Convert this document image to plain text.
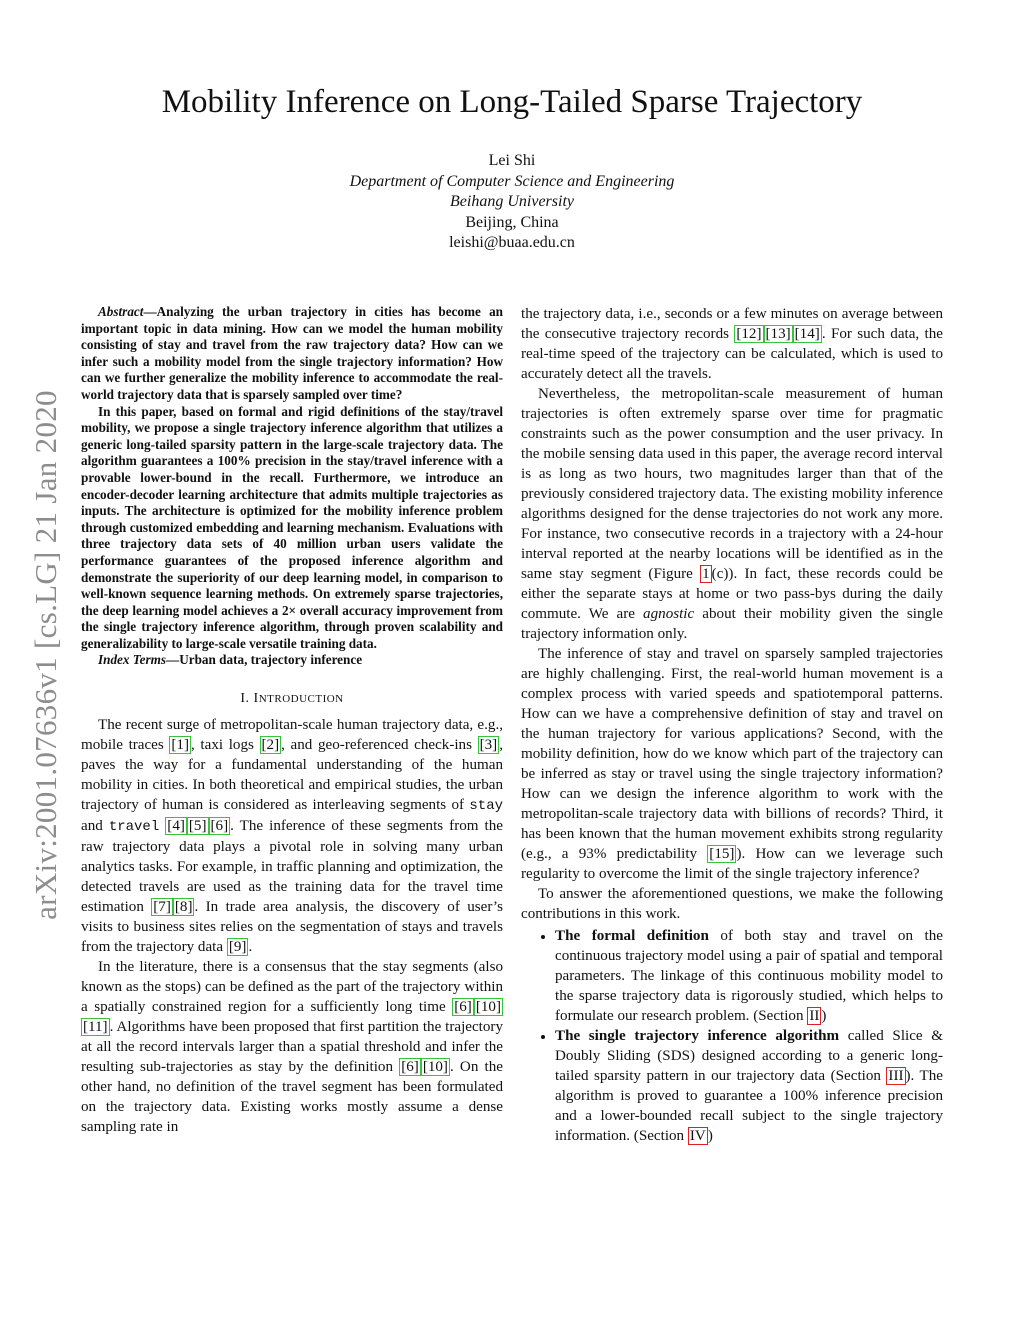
arXiv:2001.07636v1 [cs.LG] 21 Jan 2020
Mobility Inference on Long-Tailed Sparse Trajectory
Lei Shi
Department of Computer Science and Engineering
Beihang University
Beijing, China
leishi@buaa.edu.cn

Abstract—Analyzing the urban trajectory in cities has become an important topic in data mining. How can we model the human mobility consisting of stay and travel from the raw trajectory data? How can we infer such a mobility model from the single trajectory information? How can we further generalize the mobility inference to accommodate the real-world trajectory data that is sparsely sampled over time?

In this paper, based on formal and rigid definitions of the stay/travel mobility, we propose a single trajectory inference algorithm that utilizes a generic long-tailed sparsity pattern in the large-scale trajectory data. The algorithm guarantees a 100% precision in the stay/travel inference with a provable lower-bound in the recall. Furthermore, we introduce an encoder-decoder learning architecture that admits multiple trajectories as inputs. The architecture is optimized for the mobility inference problem through customized embedding and learning mechanism. Evaluations with three trajectory data sets of 40 million urban users validate the performance guarantees of the proposed inference algorithm and demonstrate the superiority of our deep learning model, in comparison to well-known sequence learning methods. On extremely sparse trajectories, the deep learning model achieves a 2× overall accuracy improvement from the single trajectory inference algorithm, through proven scalability and generalizability to large-scale versatile training data.

Index Terms—Urban data, trajectory inference

I. INTRODUCTION

The recent surge of metropolitan-scale human trajectory data, e.g., mobile traces [1] , taxi logs [2] , and geo-referenced check-ins [3] , paves the way for a fundamental understanding of the human mobility in cities. In both theoretical and empirical studies, the urban trajectory of human is considered as interleaving segments of stay and travel [4] [5] [6] . The inference of these segments from the raw trajectory data plays a pivotal role in solving many urban analytics tasks. For example, in traffic planning and optimization, the detected travels are used as the training data for the travel time estimation [7] [8] . In trade area analysis, the discovery of user’s visits to business sites relies on the segmentation of stays and travels from the trajectory data [9] .

In the literature, there is a consensus that the stay segments (also known as the stops) can be defined as the part of the trajectory within a spatially constrained region for a sufficiently long time [6] [10][11] . Algorithms have been proposed that first partition the trajectory at all the record intervals larger than a spatial threshold and infer the resulting sub-trajectories as stay by the definition [6] [10] . On the other hand, no definition of the travel segment has been formulated on the trajectory data. Existing works mostly assume a dense sampling rate in

the trajectory data, i.e., seconds or a few minutes on average between the consecutive trajectory records [12] [13] [14] . For such data, the real-time speed of the trajectory can be calculated, which is used to accurately detect all the travels.

Nevertheless, the metropolitan-scale measurement of human trajectories is often extremely sparse over time for pragmatic constraints such as the power consumption and the user privacy. In the mobile sensing data used in this paper, the average record interval is as long as two hours, two magnitudes larger than that of the previously considered trajectory data. The existing mobility inference algorithms designed for the dense trajectories do not work any more. For instance, two consecutive records in a trajectory with a 24-hour interval reported at the nearby locations will be identified as in the same stay segment (Figure 1 (c)). In fact, these records could be either the separate stays at home or two pass-bys during the daily commute. We are agnostic about their mobility given the single trajectory information only.

The inference of stay and travel on sparsely sampled trajectories are highly challenging. First, the real-world human movement is a complex process with varied speeds and spatiotemporal patterns. How can we have a comprehensive definition of stay and travel on the human trajectory for various applications? Second, with the mobility definition, how do we know which part of the trajectory can be inferred as stay or travel using the single trajectory information? How can we design the inference algorithm to work with the metropolitan-scale trajectory data with billions of records? Third, it has been known that the human movement exhibits strong regularity (e.g., a 93% predictability [15] ). How can we leverage such regularity to overcome the limit of the single trajectory inference?

To answer the aforementioned questions, we make the following contributions in this work.

• The formal definition of both stay and travel on the continuous trajectory model using a pair of spatial and temporal parameters. The linkage of this continuous mobility model to the sparse trajectory data is rigorously studied, which helps to formulate our research problem. (Section II )
• The single trajectory inference algorithm called Slice & Doubly Sliding (SDS) designed according to a generic long-tailed sparsity pattern in our trajectory data (Section III ). The algorithm is proved to guarantee a 100% inference precision and a lower-bounded recall subject to the single trajectory information. (Section IV )
